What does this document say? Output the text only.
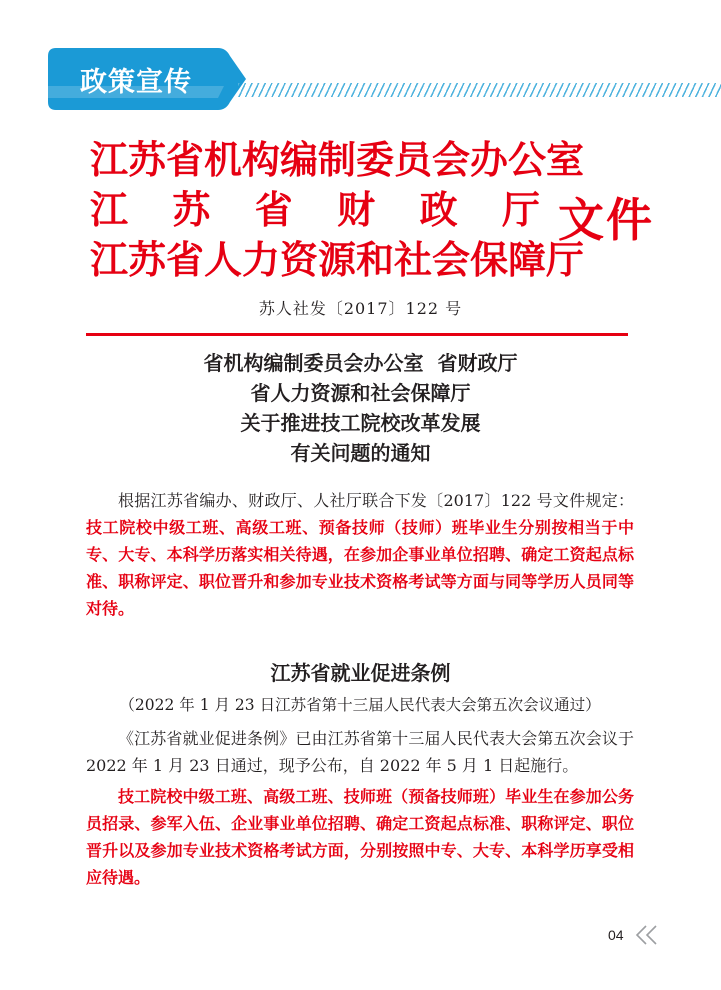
政策宣传
江苏省机构编制委员会办公室
江 苏 省 财 政 厅
江苏省人力资源和社会保障厅
文件
苏人社发〔2017〕122 号
省机构编制委员会办公室  省财政厅
省人力资源和社会保障厅
关于推进技工院校改革发展
有关问题的通知
根据江苏省编办、财政厅、人社厅联合下发〔2017〕122 号文件规定：技工院校中级工班、高级工班、预备技师（技师）班毕业生分别按相当于中专、大专、本科学历落实相关待遇，在参加企事业单位招聘、确定工资起点标准、职称评定、职位晋升和参加专业技术资格考试等方面与同等学历人员同等对待。
江苏省就业促进条例
（2022 年 1 月 23 日江苏省第十三届人民代表大会第五次会议通过）
《江苏省就业促进条例》已由江苏省第十三届人民代表大会第五次会议于 2022 年 1 月 23 日通过，现予公布，自 2022 年 5 月 1 日起施行。
技工院校中级工班、高级工班、技师班（预备技师班）毕业生在参加公务员招录、参军入伍、企业事业单位招聘、确定工资起点标准、职称评定、职位晋升以及参加专业技术资格考试方面，分别按照中专、大专、本科学历享受相应待遇。
04
